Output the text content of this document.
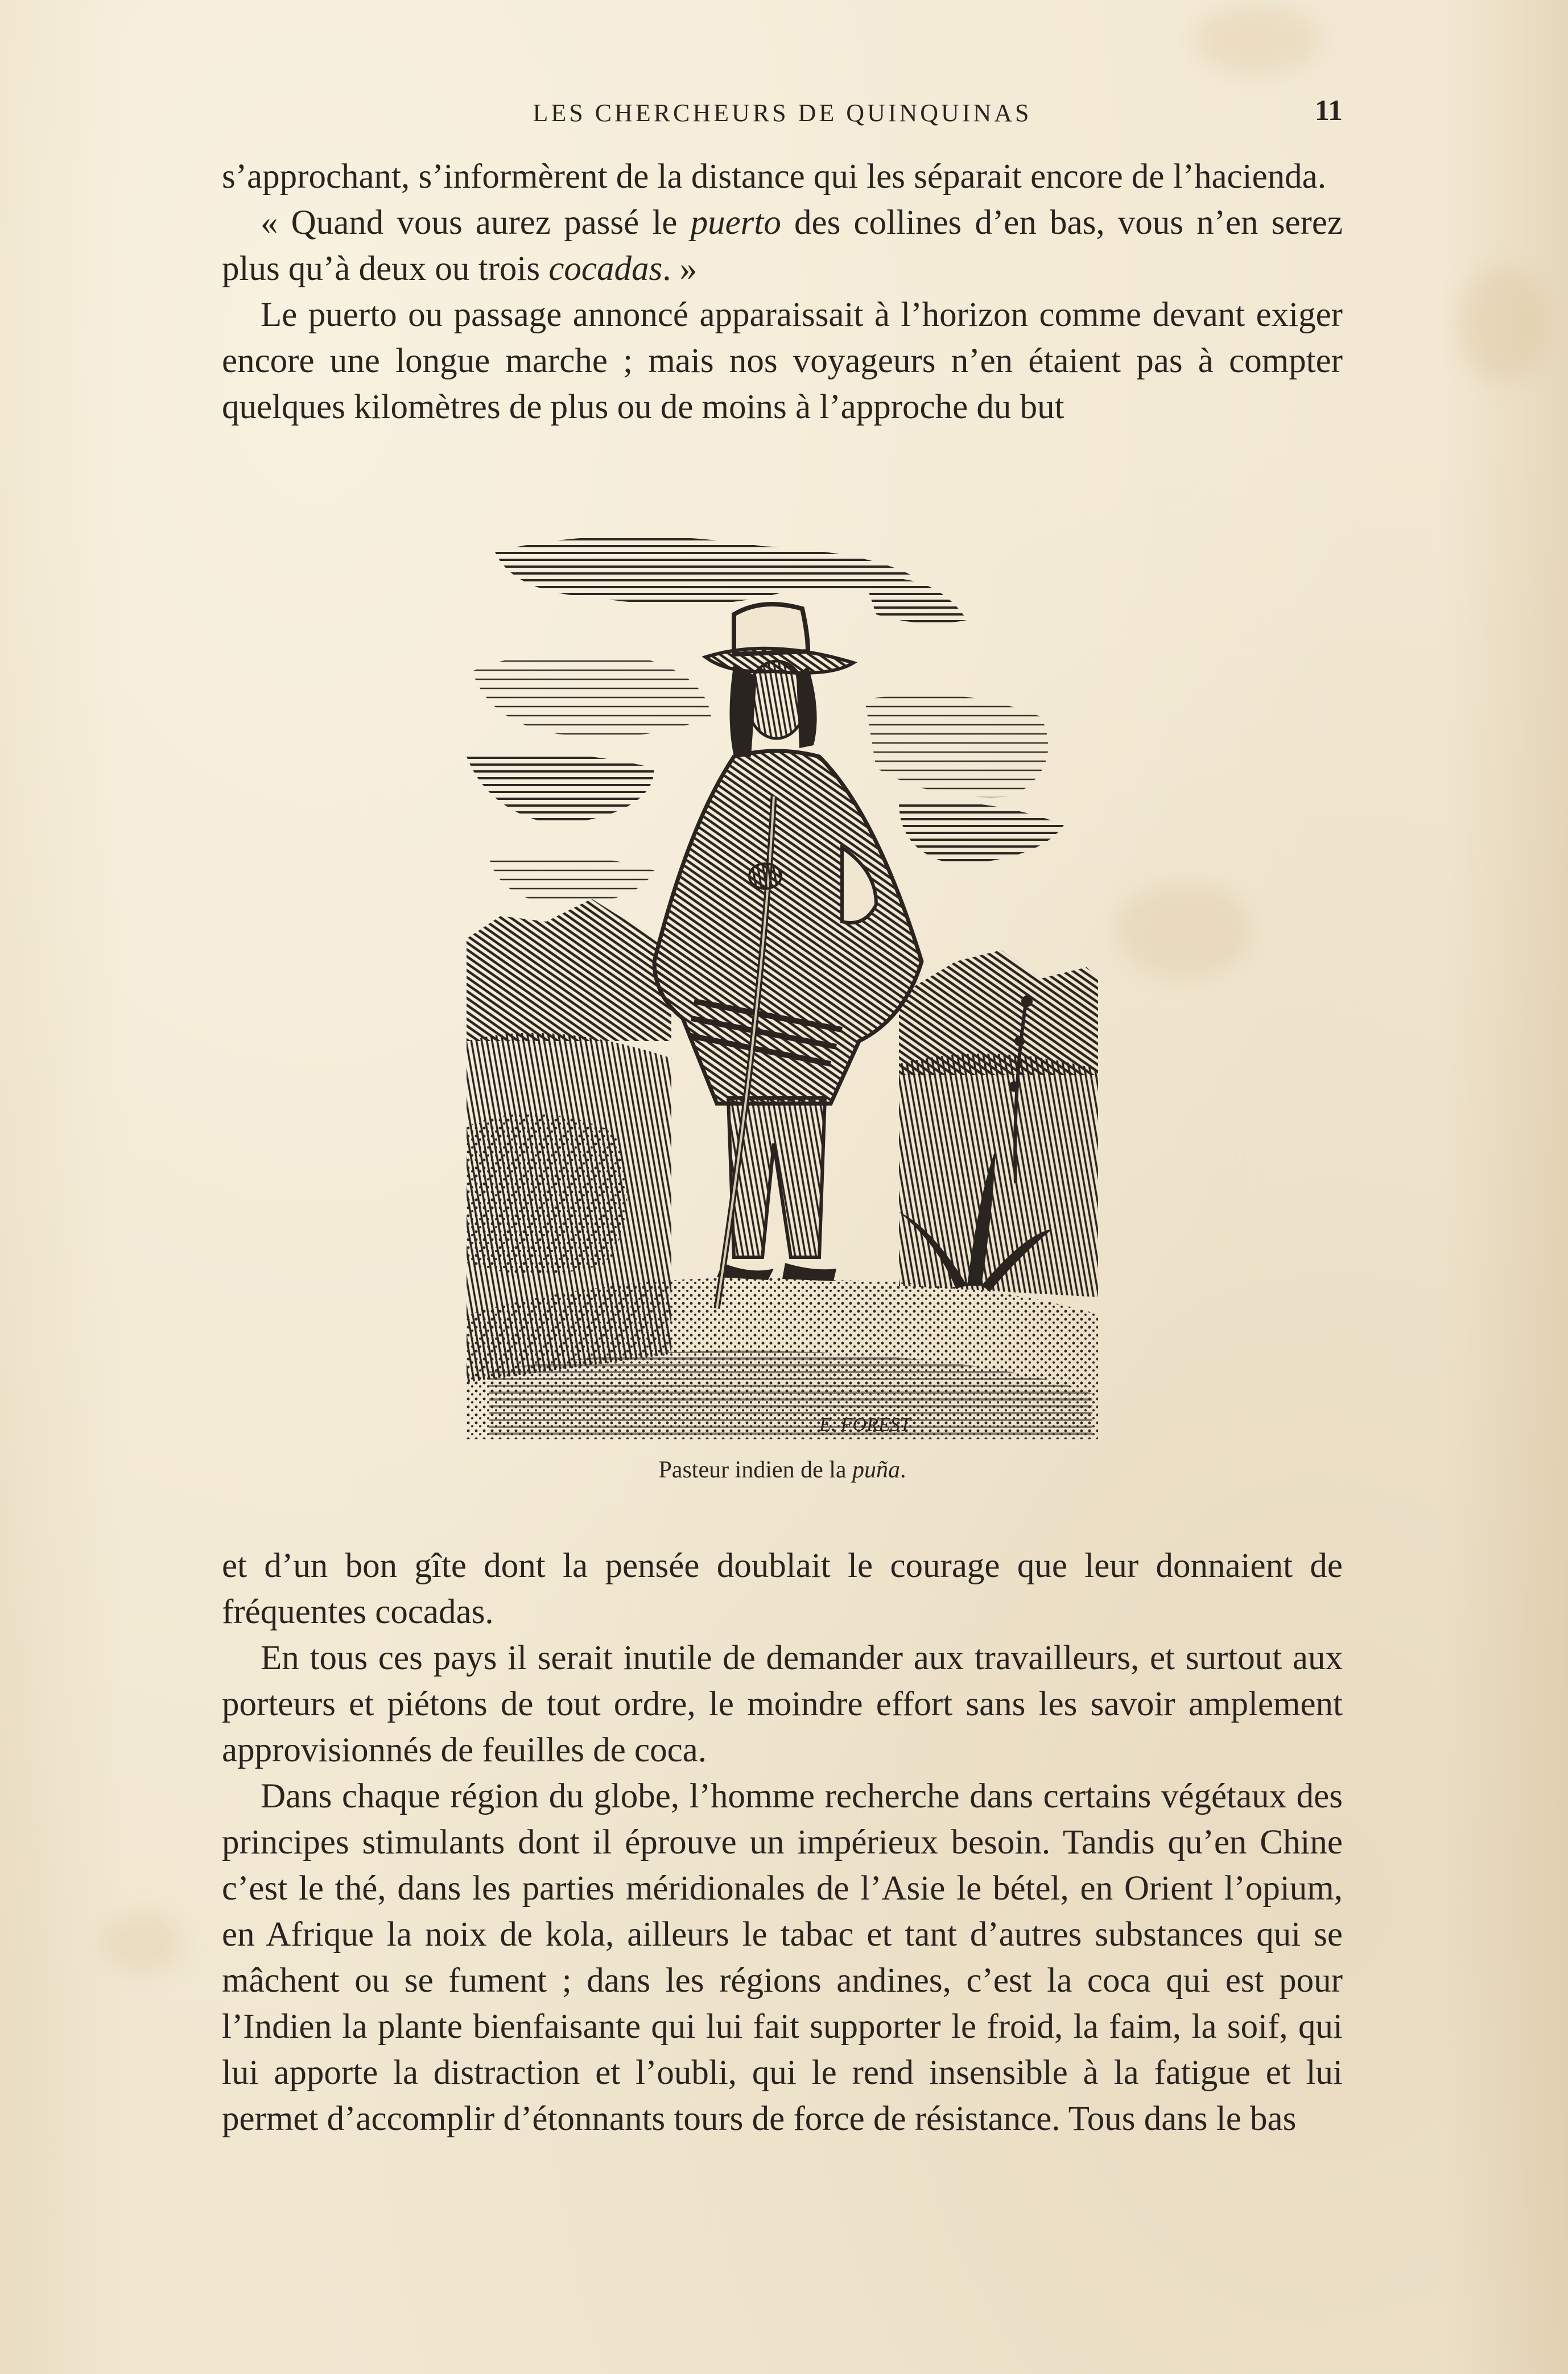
LES CHERCHEURS DE QUINQUINAS	11

s’approchant, s’informèrent de la distance qui les séparait encore de l’hacienda.

« Quand vous aurez passé le puerto des collines d’en bas, vous n’en serez plus qu’à deux ou trois cocadas. »

Le puerto ou passage annoncé apparaissait à l’horizon comme devant exiger encore une longue marche ; mais nos voyageurs n’en étaient pas à compter quelques kilomètres de plus ou de moins à l’approche du but

E. FOREST
Pasteur indien de la puña.

et d’un bon gîte dont la pensée doublait le courage que leur donnaient de fréquentes cocadas.

En tous ces pays il serait inutile de demander aux travailleurs, et surtout aux porteurs et piétons de tout ordre, le moindre effort sans les savoir amplement approvisionnés de feuilles de coca.

Dans chaque région du globe, l’homme recherche dans certains végétaux des principes stimulants dont il éprouve un impérieux besoin. Tandis qu’en Chine c’est le thé, dans les parties méridionales de l’Asie le bétel, en Orient l’opium, en Afrique la noix de kola, ailleurs le tabac et tant d’autres substances qui se mâchent ou se fument ; dans les régions andines, c’est la coca qui est pour l’Indien la plante bienfaisante qui lui fait supporter le froid, la faim, la soif, qui lui apporte la distraction et l’oubli, qui le rend insensible à la fatigue et lui permet d’accomplir d’étonnants tours de force de résistance. Tous dans le bas
